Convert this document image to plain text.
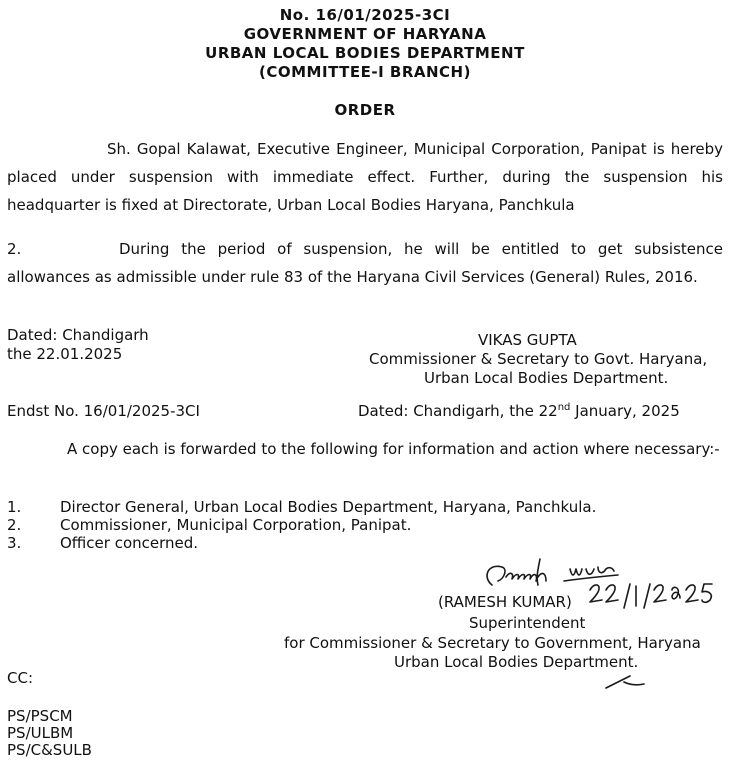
No. 16/01/2025-3CI
GOVERNMENT OF HARYANA
URBAN LOCAL BODIES DEPARTMENT
(COMMITTEE-I BRANCH)
ORDER
Sh. Gopal Kalawat, Executive Engineer, Municipal Corporation, Panipat is hereby placed under suspension with immediate effect. Further, during the suspension his headquarter is fixed at Directorate, Urban Local Bodies Haryana, Panchkula
2.	During the period of suspension, he will be entitled to get subsistence allowances as admissible under rule 83 of the Haryana Civil Services (General) Rules, 2016.
Dated: Chandigarh
the 22.01.2025
VIKAS GUPTA
Commissioner & Secretary to Govt. Haryana,
Urban Local Bodies Department.
Endst No. 16/01/2025-3CI	Dated: Chandigarh, the 22nd January, 2025
A copy each is forwarded to the following for information and action where necessary:-
1.	Director General, Urban Local Bodies Department, Haryana, Panchkula.
2.	Commissioner, Municipal Corporation, Panipat.
3.	Officer concerned.
(RAMESH KUMAR)
Superintendent
for Commissioner & Secretary to Government, Haryana
Urban Local Bodies Department.
CC:
PS/PSCM
PS/ULBM
PS/C&SULB
